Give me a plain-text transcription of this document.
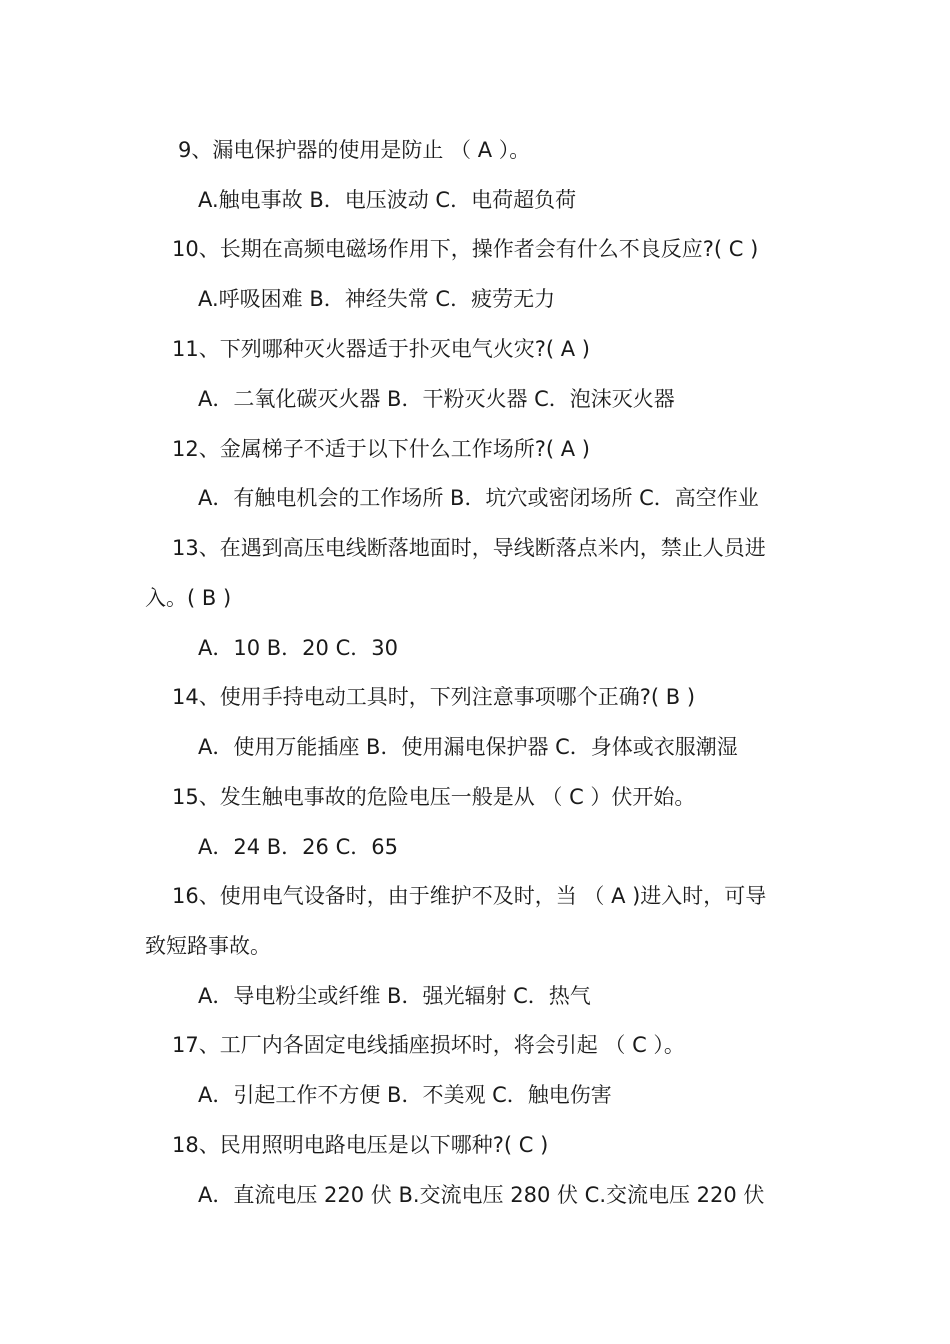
9、漏电保护器的使用是防止 （ A ）。
A.触电事故 B．电压波动 C．电荷超负荷
10、长期在高频电磁场作用下，操作者会有什么不良反应?( C )
A.呼吸困难 B．神经失常 C．疲劳无力
11、下列哪种灭火器适于扑灭电气火灾?( A )
A．二氧化碳灭火器 B．干粉灭火器 C．泡沫灭火器
12、金属梯子不适于以下什么工作场所?( A )
A．有触电机会的工作场所 B．坑穴或密闭场所 C．高空作业
13、在遇到高压电线断落地面时，导线断落点米内，禁止人员进
入。( B )
A．10 B．20 C．30
14、使用手持电动工具时，下列注意事项哪个正确?( B )
A．使用万能插座 B．使用漏电保护器 C．身体或衣服潮湿
15、发生触电事故的危险电压一般是从 （ C ）伏开始。
A．24 B．26 C．65
16、使用电气设备时，由于维护不及时，当 （ A )进入时，可导
致短路事故。
A．导电粉尘或纤维 B．强光辐射 C．热气
17、工厂内各固定电线插座损坏时，将会引起 （ C ）。
A．引起工作不方便 B．不美观 C．触电伤害
18、民用照明电路电压是以下哪种?( C )
A．直流电压 220 伏 B.交流电压 280 伏 C.交流电压 220 伏
